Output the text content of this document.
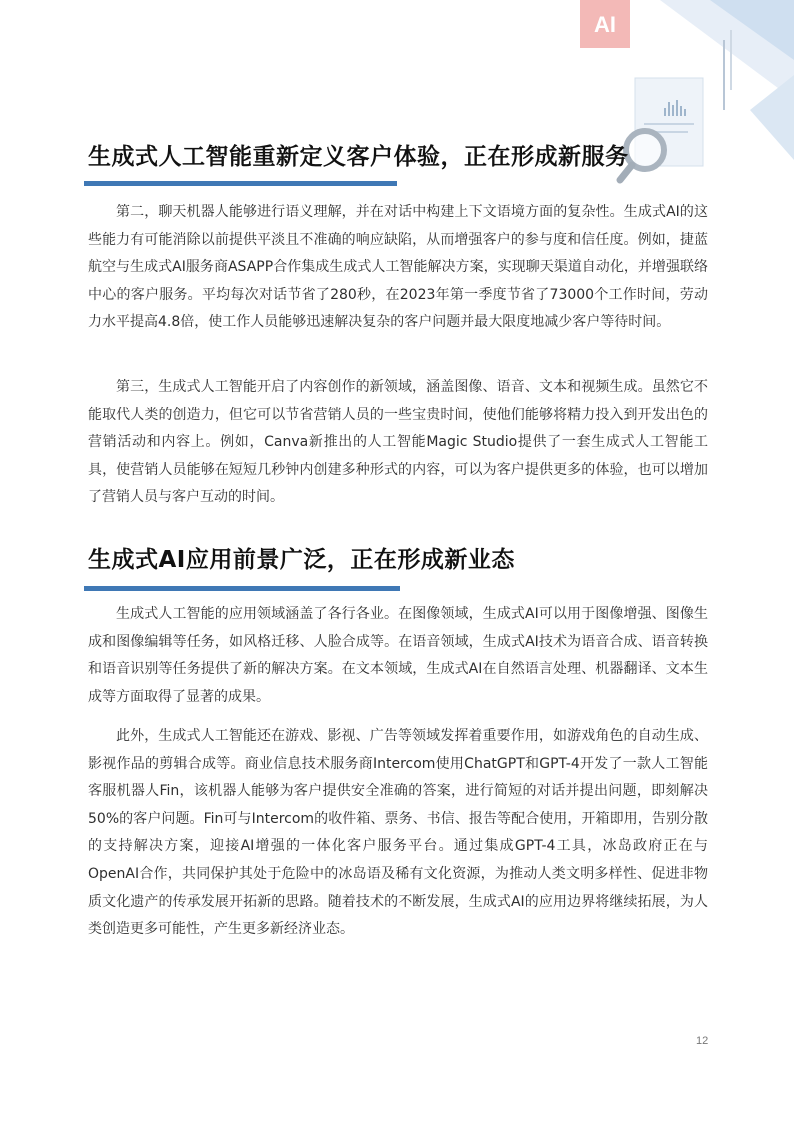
AI
生成式人工智能重新定义客户体验，正在形成新服务

第二，聊天机器人能够进行语义理解，并在对话中构建上下文语境方面的复杂性。生成式AI的这些能力有可能消除以前提供平淡且不准确的响应缺陷，从而增强客户的参与度和信任度。例如，捷蓝航空与生成式AI服务商ASAPP合作集成生成式人工智能解决方案，实现聊天渠道自动化，并增强联络中心的客户服务。平均每次对话节省了280秒，在2023年第一季度节省了73000个工作时间，劳动力水平提高4.8倍，使工作人员能够迅速解决复杂的客户问题并最大限度地减少客户等待时间。

第三，生成式人工智能开启了内容创作的新领域，涵盖图像、语音、文本和视频生成。虽然它不能取代人类的创造力，但它可以节省营销人员的一些宝贵时间，使他们能够将精力投入到开发出色的营销活动和内容上。例如，Canva新推出的人工智能Magic Studio提供了一套生成式人工智能工具，使营销人员能够在短短几秒钟内创建多种形式的内容，可以为客户提供更多的体验，也可以增加了营销人员与客户互动的时间。

生成式AI应用前景广泛，正在形成新业态

生成式人工智能的应用领域涵盖了各行各业。在图像领域，生成式AI可以用于图像增强、图像生成和图像编辑等任务，如风格迁移、人脸合成等。在语音领域，生成式AI技术为语音合成、语音转换和语音识别等任务提供了新的解决方案。在文本领域，生成式AI在自然语言处理、机器翻译、文本生成等方面取得了显著的成果。

此外，生成式人工智能还在游戏、影视、广告等领域发挥着重要作用，如游戏角色的自动生成、影视作品的剪辑合成等。商业信息技术服务商Intercom使用ChatGPT和GPT-4开发了一款人工智能客服机器人Fin，该机器人能够为客户提供安全准确的答案，进行简短的对话并提出问题，即刻解决50%的客户问题。Fin可与Intercom的收件箱、票务、书信、报告等配合使用，开箱即用，告别分散的支持解决方案，迎接AI增强的一体化客户服务平台。通过集成GPT-4工具，冰岛政府正在与OpenAI合作，共同保护其处于危险中的冰岛语及稀有文化资源，为推动人类文明多样性、促进非物质文化遗产的传承发展开拓新的思路。随着技术的不断发展，生成式AI的应用边界将继续拓展，为人类创造更多可能性，产生更多新经济业态。

12
